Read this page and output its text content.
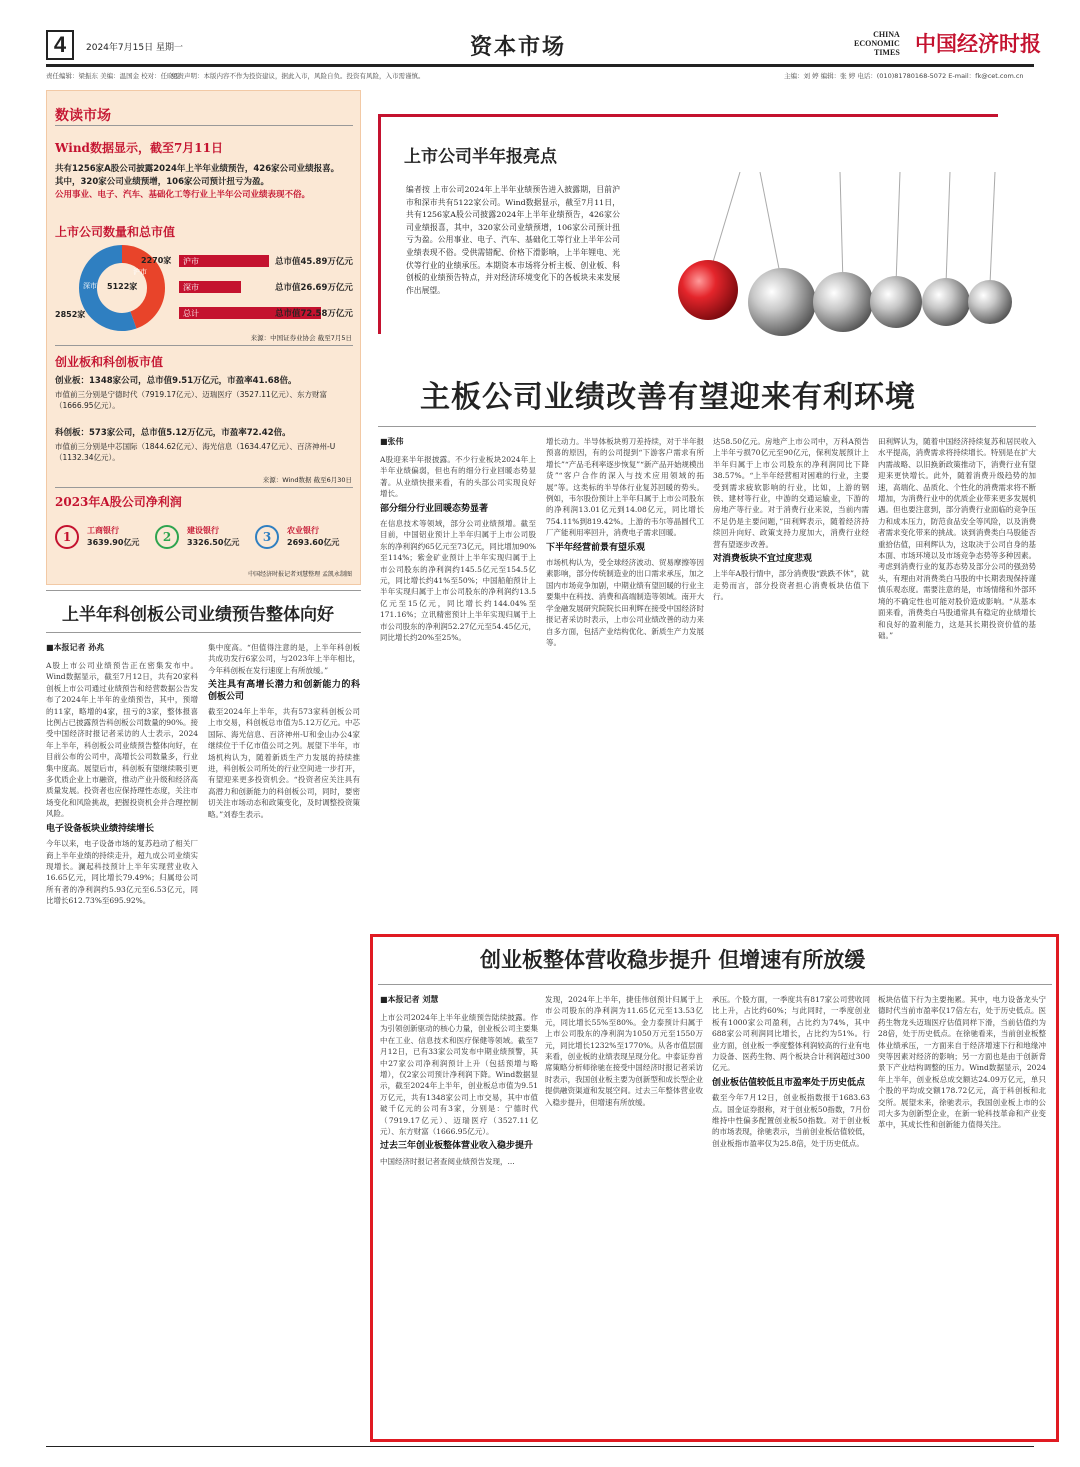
4	2024年7月15日 星期一	资本市场	CHINA
ECONOMIC
TIMES 中国经济时报
责任编辑：梁振东 美编：温国金 校对：任晓雯
免责声明：本版内容不作为投资建议，据此入市，风险自负。投资有风险，入市需谨慎。	主编：刘 婷 编辑：张 婷 电话：(010)81780168-5072 E-mail：fk@cet.com.cn
数读市场
Wind数据显示，截至7月11日
共有1256家A股公司披露2024年上半年业绩预告，426家公司业绩报喜。
其中，320家公司业绩预增，106家公司预计扭亏为盈。
公用事业、电子、汽车、基础化工等行业上半年公司业绩表现不俗。
上市公司数量和总市值
5122家
沪市
深市
2270家
2852家
沪市	总市值45.89万亿元
深市	总市值26.69万亿元
总计	总市值72.58万亿元
来源：中国证券业协会 截至7月5日
创业板和科创板市值
创业板：1348家公司，总市值9.51万亿元，市盈率41.68倍。
市值前三分别是宁德时代（7919.17亿元）、迈瑞医疗（3527.11亿元）、东方财富（1666.95亿元）。
科创板：573家公司，总市值5.12万亿元，市盈率72.42倍。
市值前三分别是中芯国际（1844.62亿元）、海光信息（1634.47亿元）、百济神州-U（1132.34亿元）。
来源：Wind数据 截至6月30日
2023年A股公司净利润
1	工商银行
3639.90亿元	2	建设银行
3326.50亿元	3	农业银行
2693.60亿元
中国经济时报记者刘慧整理 孟凯永制图
上市公司半年报亮点
编者按 上市公司2024年上半年业绩预告进入披露期，目前沪市和深市共有5122家公司。Wind数据显示，截至7月11日，共有1256家A股公司披露2024年上半年业绩预告，426家公司业绩报喜，其中，320家公司业绩预增，106家公司预计扭亏为盈。公用事业、电子、汽车、基础化工等行业上半年公司业绩表现不俗。受供需错配、价格下滑影响，上半年锂电、光伏等行业的业绩承压。本期资本市场将分析主板、创业板、科创板的业绩预告特点，并对经济环境变化下的各板块未来发展作出展望。
主板公司业绩改善有望迎来有利环境
■张伟

A股迎来半年报披露。不少行业板块2024年上半年业绩偏弱，但也有的细分行业回暖态势显著。从业绩快报来看，有的头部公司实现良好增长。

部分细分行业回暖态势显著

在信息技术等领域，部分公司业绩预增。截至目前，中国铝业预计上半年归属于上市公司股东的净利润约65亿元至73亿元，同比增加90%至114%；紫金矿业预计上半年实现归属于上市公司股东的净利润约145.5亿元至154.5亿元，同比增长约41%至50%；中国船舶预计上半年实现归属于上市公司股东的净利润约13.5亿元至15亿元，同比增长约144.04%至171.16%；立讯精密预计上半年实现归属于上市公司股东的净利润52.27亿元至54.45亿元，同比增长约20%至25%。

增长动力。半导体板块剪刀差持续，对于半年报预喜的原因，有的公司提到“下游客户需求有所增长”“产品毛利率逐步恢复”“新产品开始规模出货”“客户合作的深入与技术应用领域的拓展”等。这类标的半导体行业复苏回暖的势头。例如，韦尔股份预计上半年归属于上市公司股东的净利润13.01亿元到14.08亿元，同比增长754.11%到819.42%。上游的韦尔等晶圆代工厂产能利用率回升，消费电子需求回暖。

下半年经营前景有望乐观

市场机构认为，受全球经济波动、贸易摩擦等因素影响，部分传统制造业的出口需求承压，加之国内市场竞争加剧，中期业绩有望回暖的行业主要集中在科技、消费和高端制造等领域。南开大学金融发展研究院院长田利辉在接受中国经济时报记者采访时表示，上市公司业绩改善的动力来自多方面，包括产业结构优化、新质生产力发展等。

达58.50亿元。房地产上市公司中，万科A预告上半年亏损70亿元至90亿元，保利发展预计上半年归属于上市公司股东的净利润同比下降38.57%。“上半年经营相对困难的行业，主要受到需求疲软影响的行业，比如，上游的钢铁、建材等行业，中游的交通运输业，下游的房地产等行业。对于消费行业来说，当前内需不足仍是主要问题，”田利辉表示，随着经济持续回升向好、政策支持力度加大，消费行业经营有望逐步改善。

对消费板块不宜过度悲观

上半年A股行情中，部分消费股“跌跌不休”，就走势而言，部分投资者担心消费板块估值下行。

田利辉认为，随着中国经济持续复苏和居民收入水平提高，消费需求将持续增长。特别是在扩大内需战略、以旧换新政策推动下，消费行业有望迎来更快增长。此外，随着消费升级趋势的加速，高端化、品质化、个性化的消费需求将不断增加，为消费行业中的优质企业带来更多发展机遇。但也要注意到，部分消费行业面临的竞争压力和成本压力，防范食品安全等风险，以及消费者需求变化带来的挑战。谈到消费类白马股能否重拾估值，田利辉认为，这取决于公司自身的基本面、市场环境以及市场竞争态势等多种因素。考虑到消费行业的复苏态势及部分公司的强劲势头，有理由对消费类白马股的中长期表现保持谨慎乐观态度。需要注意的是，市场情绪和外部环境的不确定性也可能对股价造成影响。“从基本面来看，消费类白马股通常具有稳定的业绩增长和良好的盈利能力，这是其长期投资价值的基础。”

上半年科创板公司业绩预告整体向好
■本报记者 孙兆

A股上市公司业绩预告正在密集发布中。Wind数据显示，截至7月12日，共有20家科创板上市公司通过业绩预告和经营数据公告发布了2024年上半年的业绩预告，其中，预增的11家，略增的4家，扭亏的3家，整体报喜比例占已披露预告科创板公司数量的90%。接受中国经济时报记者采访的人士表示，2024年上半年，科创板公司业绩预告整体向好，在目前公布的公司中，高增长公司数量多，行业集中度高。展望后市，科创板有望继续吸引更多优质企业上市融资，推动产业升级和经济高质量发展。投资者也应保持理性态度，关注市场变化和风险挑战，把握投资机会并合理控制风险。

电子设备板块业绩持续增长

今年以来，电子设备市场的复苏趋动了相关厂商上半年业绩的持续走升，超九成公司业绩实现增长。澜起科技预计上半年实现营业收入16.65亿元，同比增长79.49%；归属母公司所有者的净利润约5.93亿元至6.53亿元，同比增长612.73%至695.92%。

集中度高。“但值得注意的是，上半年科创板共成功发行6家公司，与2023年上半年相比，今年科创板在发行速度上有所放缓。”

关注具有高增长潜力和创新能力的科创板公司

截至2024年上半年，共有573家科创板公司上市交易，科创板总市值为5.12万亿元。中芯国际、海光信息、百济神州-U和金山办公4家继续位于千亿市值公司之列。展望下半年，市场机构认为，随着新质生产力发展的持续推进，科创板公司所处的行业空间进一步打开，有望迎来更多投资机会。“投资者应关注具有高潜力和创新能力的科创板公司，同时，要密切关注市场动态和政策变化，及时调整投资策略。”刘春生表示。

创业板整体营收稳步提升 但增速有所放缓
■本报记者 刘慧

上市公司2024年上半年业绩预告陆续披露。作为引领创新驱动的核心力量，创业板公司主要集中在工业、信息技术和医疗保健等领域。截至7月12日，已有33家公司发布中期业绩预警，其中27家公司净利润预计上升（包括预增与略增），仅2家公司预计净利润下降。Wind数据显示，截至2024年上半年，创业板总市值为9.51万亿元，共有1348家公司上市交易，其中市值破千亿元的公司有3家，分别是：宁德时代（7919.17亿元）、迈瑞医疗（3527.11亿元）、东方财富（1666.95亿元）。

过去三年创业板整体营业收入稳步提升

中国经济时报记者查阅业绩预告发现，...

发现，2024年上半年，捷佳伟创预计归属于上市公司股东的净利润为11.65亿元至13.53亿元，同比增长55%至80%。金力泰预计归属于上市公司股东的净利润为1050万元至1550万元，同比增长1232%至1770%。从各市值层面来看，创业板的业绩表现呈现分化。中泰证券首席策略分析师徐驰在接受中国经济时报记者采访时表示，我国创业板主要为创新型和成长型企业提供融资渠道和发展空间。过去三年整体营业收入稳步提升，但增速有所放缓。

承压。个股方面，一季度共有817家公司营收同比上升，占比约60%；与此同时，一季度创业板有1000家公司盈利，占比约为74%，其中688家公司利润同比增长，占比约为51%。行业方面，创业板一季度整体利润较高的行业有电力设备、医药生物、两个板块合计利润超过300亿元。

创业板估值较低且市盈率处于历史低点

截至今年7月12日，创业板指数报于1683.63点。国金证券报称，对于创业板50指数，7月份维持中性偏多配置创业板50指数。对于创业板的市场表现，徐驰表示，当前创业板估值较低，创业板指市盈率仅为25.8倍，处于历史低点。

板块估值下行为主要拖累。其中，电力设备龙头宁德时代当前市盈率仅17倍左右，处于历史低点。医药生物龙头迈瑞医疗估值同样下滑，当前估值约为28倍，处于历史低点。在徐驰看来，当前创业板整体业绩承压，一方面来自于经济增速下行和地缘冲突等因素对经济的影响；另一方面也是由于创新背景下产业结构调整的压力。Wind数据显示，2024年上半年，创业板总成交额达24.09万亿元，单只个股的平均成交额178.72亿元，高于科创板和北交所。展望未来，徐驰表示，我国创业板上市的公司大多为创新型企业，在新一轮科技革命和产业变革中，其成长性和创新能力值得关注。
